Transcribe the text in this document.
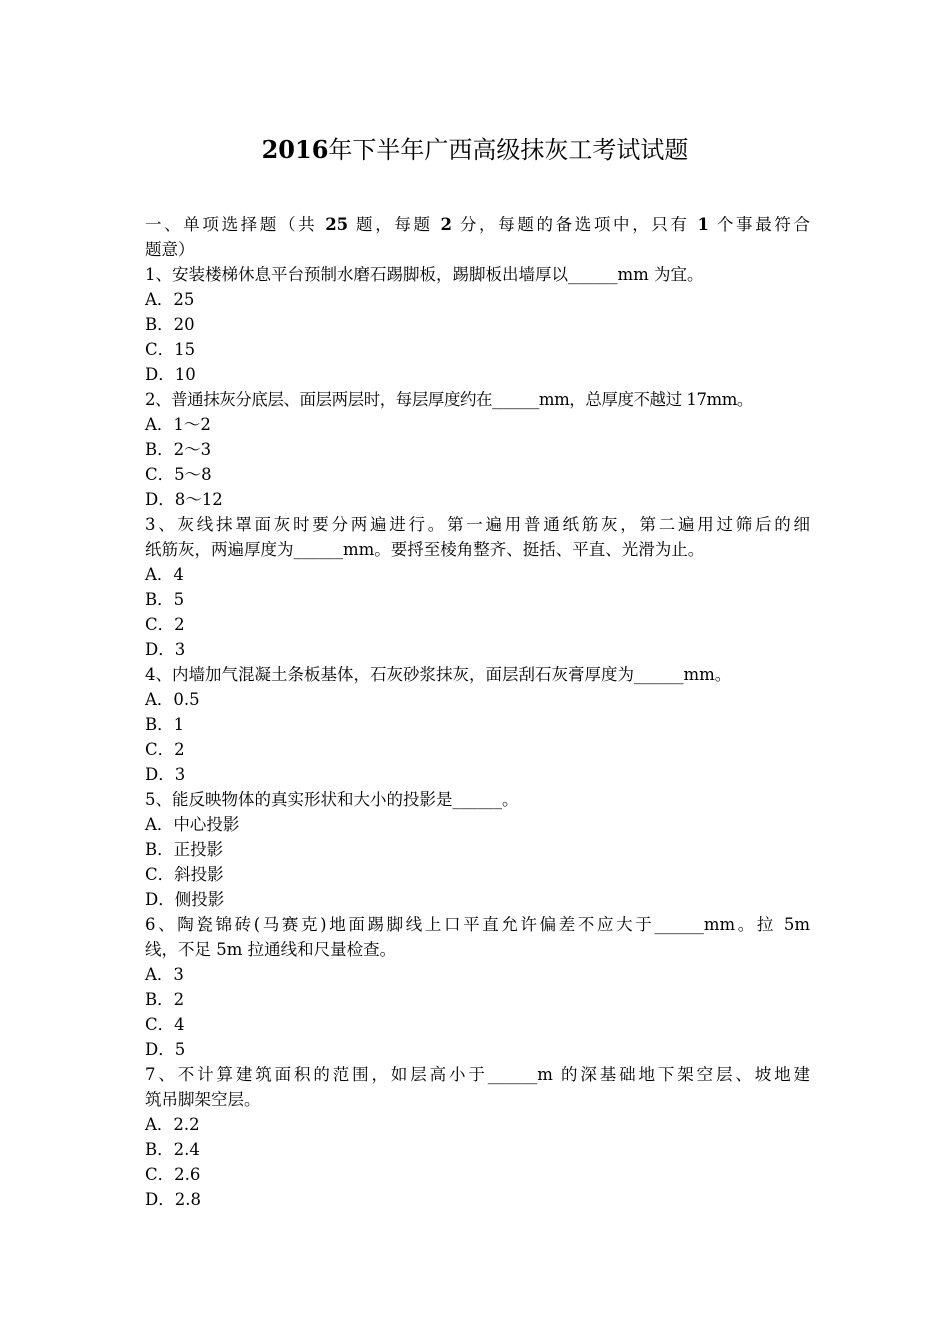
2016年下半年广西高级抹灰工考试试题
一、单项选择题（共 25 题，每题 2 分，每题的备选项中，只有 1 个事最符合
题意）
1、安装楼梯休息平台预制水磨石踢脚板，踢脚板出墙厚以______mm 为宜。
A．25
B．20
C．15
D．10
2、普通抹灰分底层、面层两层时，每层厚度约在______mm，总厚度不越过 17mm。
A．1～2
B．2～3
C．5～8
D．8～12
3、灰线抹罩面灰时要分两遍进行。第一遍用普通纸筋灰，第二遍用过筛后的细
纸筋灰，两遍厚度为______mm。要捋至棱角整齐、挺括、平直、光滑为止。
A．4
B．5
C．2
D．3
4、内墙加气混凝土条板基体，石灰砂浆抹灰，面层刮石灰膏厚度为______mm。
A．0.5
B．1
C．2
D．3
5、能反映物体的真实形状和大小的投影是______。
A．中心投影
B．正投影
C．斜投影
D．侧投影
6、陶瓷锦砖(马赛克)地面踢脚线上口平直允许偏差不应大于______mm。拉 5m
线，不足 5m 拉通线和尺量检查。
A．3
B．2
C．4
D．5
7、不计算建筑面积的范围，如层高小于______m 的深基础地下架空层、坡地建
筑吊脚架空层。
A．2.2
B．2.4
C．2.6
D．2.8
